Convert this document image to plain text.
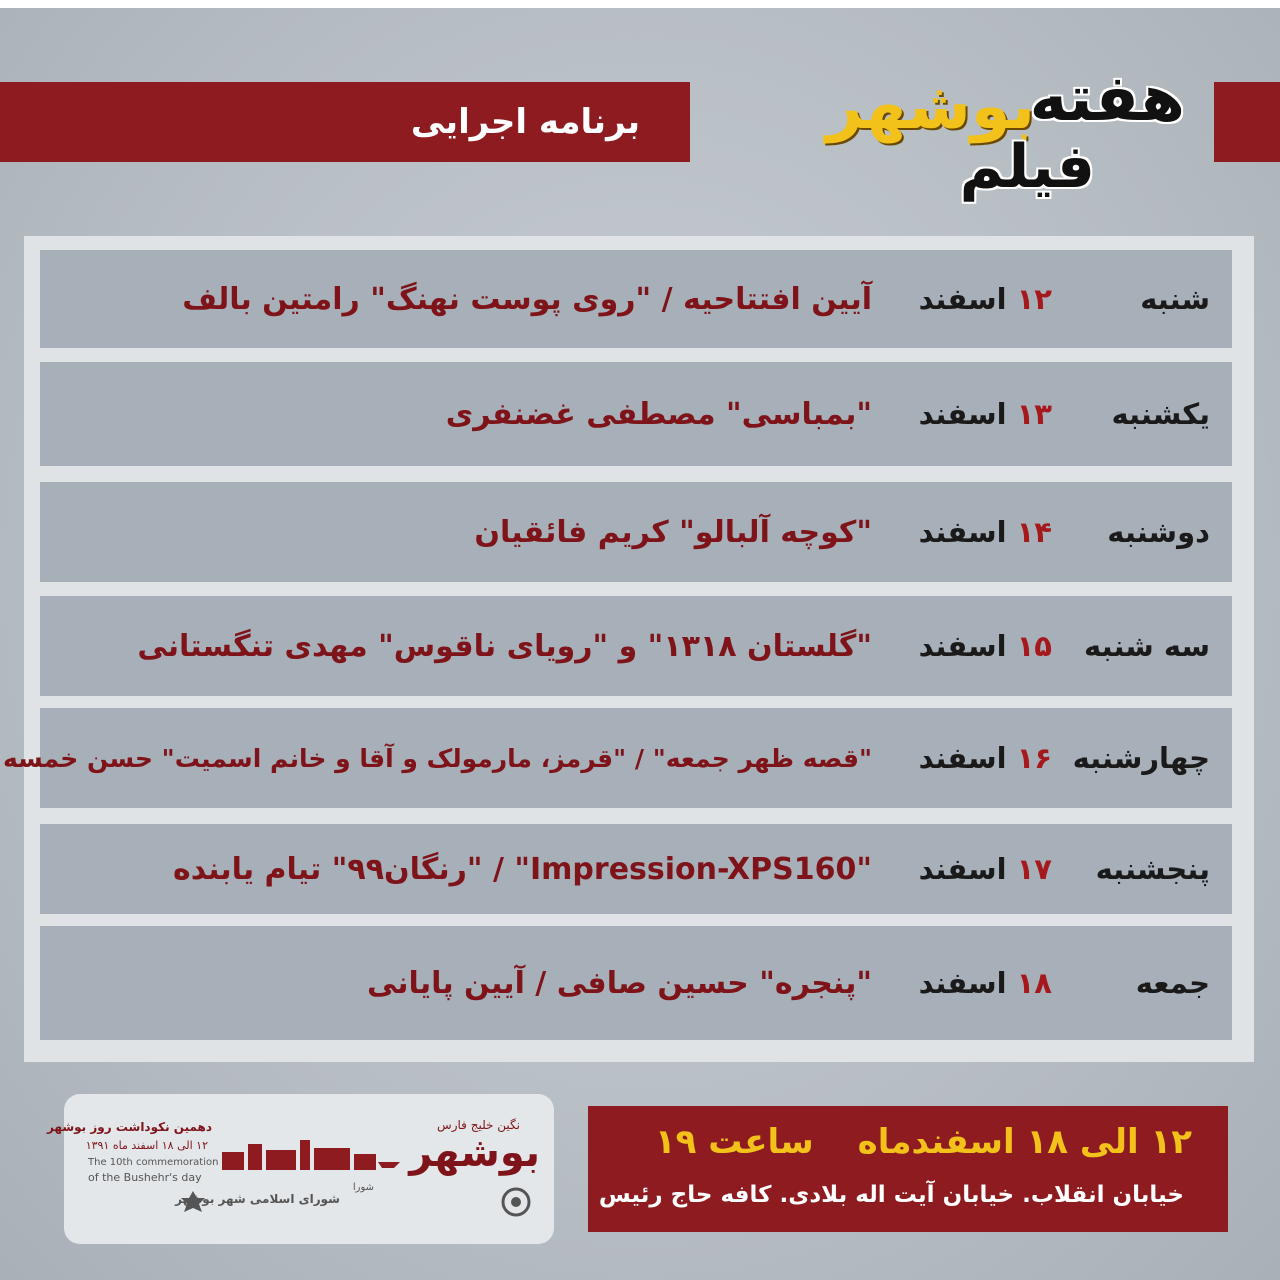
برنامه اجرایی	هفته
بوشهر
فیلم
شنبه
۱۲
اسفند
آیین افتتاحیه / "روی پوست نهنگ" رامتین بالف
یکشنبه
۱۳
اسفند
"بمباسی" مصطفی غضنفری
دوشنبه
۱۴
اسفند
"کوچه آلبالو" کریم فائقیان
سه شنبه
۱۵
اسفند
"گلستان ۱۳۱۸" و "رویای ناقوس" مهدی تنگستانی
چهارشنبه
۱۶
اسفند
"قصه ظهر جمعه" / "قرمز، مارمولک و آقا و خانم اسمیت" حسن خمسه
پنجشنبه
۱۷
اسفند
"Impression-XPS160" / "رنگان۹۹" تیام یابنده
جمعه
۱۸
اسفند
"پنجره" حسین صافی / آیین پایانی
دهمین نکوداشت روز بوشهر
۱۲ الی ۱۸ اسفند ماه ۱۳۹۱
The 10th commemoration
of the Bushehr's day
شورای اسلامی شهر بوشهر
شورا
بوشهر
نگین خلیج فارس	۱۲ الی ۱۸ اسفندماهساعت ۱۹
خیابان انقلاب. خیابان آیت اله بلادی. کافه حاج رئیس
